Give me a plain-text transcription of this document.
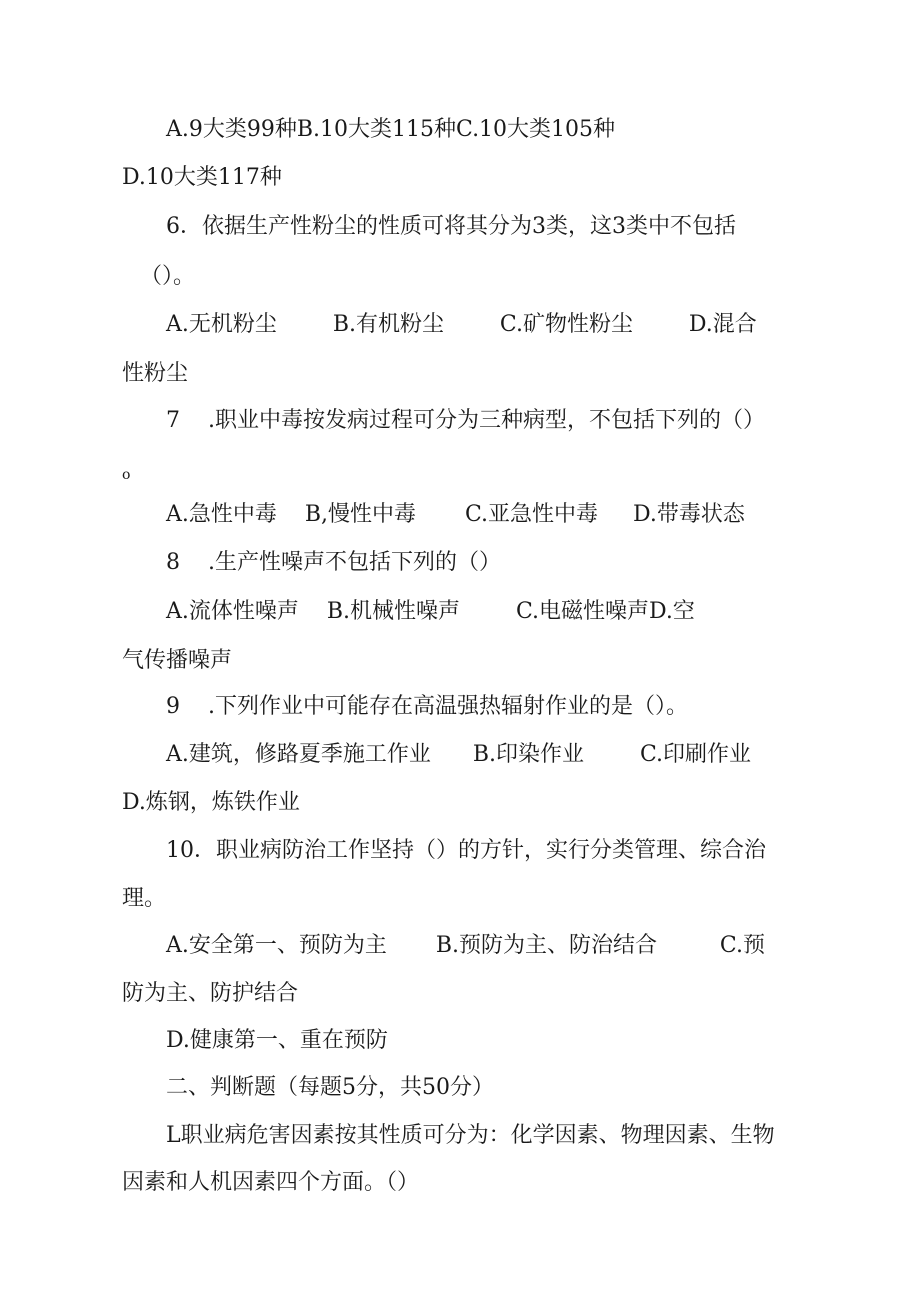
A.9大类99种B.10大类115种C.10大类105种
D.10大类117种
6．依据生产性粉尘的性质可将其分为3类，这3类中不包括
（）。
A.无机粉尘        B.有机粉尘        C.矿物性粉尘        D.混合
性粉尘
7    .职业中毒按发病过程可分为三种病型，不包括下列的（）
o
A.急性中毒    B,慢性中毒       C.亚急性中毒     D.带毒状态
8    .生产性噪声不包括下列的（）
A.流体性噪声    B.机械性噪声        C.电磁性噪声D.空
气传播噪声
9    .下列作业中可能存在高温强热辐射作业的是（）。
A.建筑，修路夏季施工作业      B.印染作业        C.印刷作业
D.炼钢，炼铁作业
10．职业病防治工作坚持（）的方针，实行分类管理、综合治
理。
A.安全第一、预防为主       B.预防为主、防治结合         C.预
防为主、防护结合
D.健康第一、重在预防
二、判断题（每题5分，共50分）
L职业病危害因素按其性质可分为：化学因素、物理因素、生物
因素和人机因素四个方面。（）
